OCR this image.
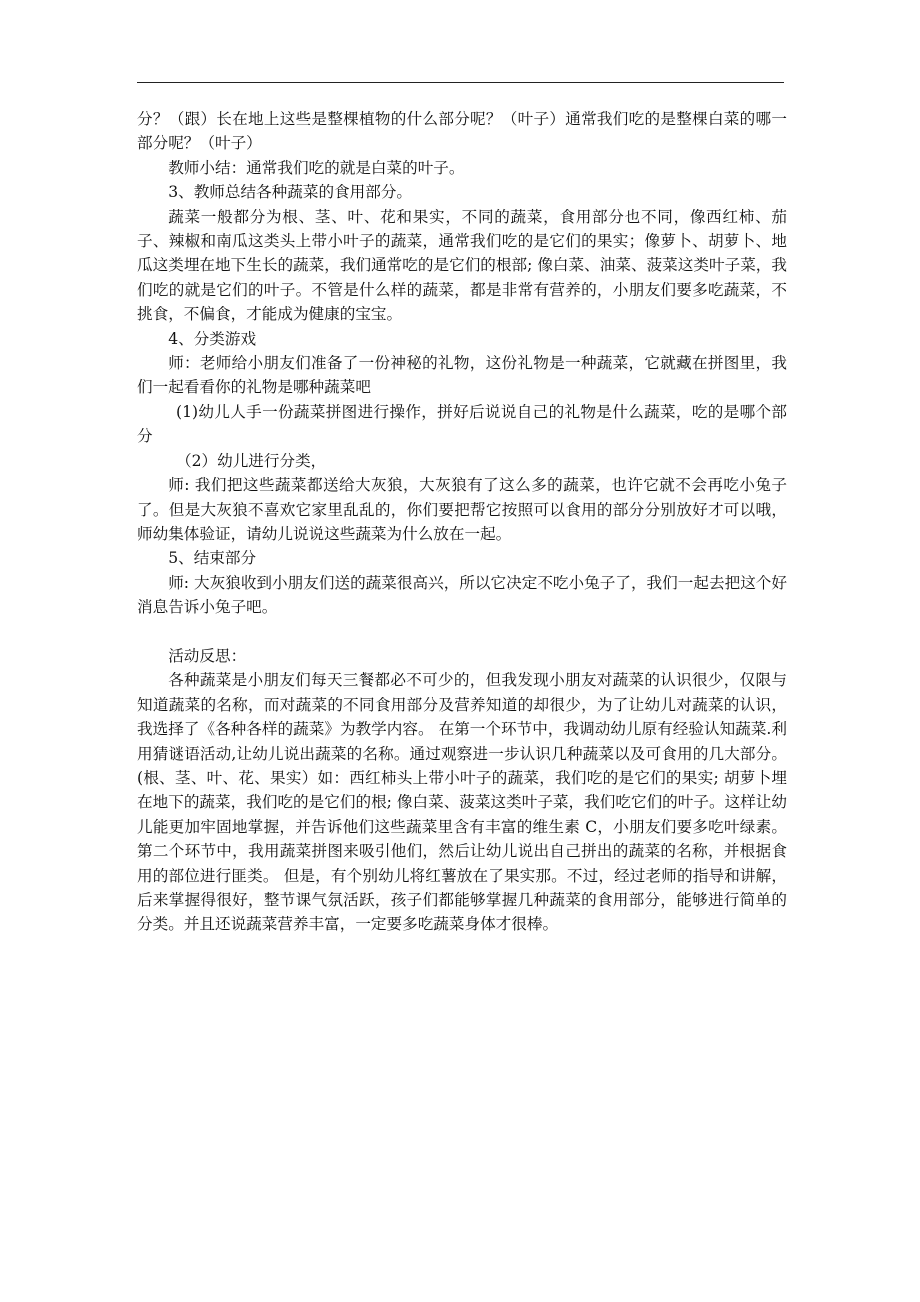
分？（跟）长在地上这些是整棵植物的什么部分呢？（叶子）通常我们吃的是整棵白菜的哪一部分呢？（叶子）

教师小结：通常我们吃的就是白菜的叶子。

3、教师总结各种蔬菜的食用部分。

蔬菜一般都分为根、茎、叶、花和果实，不同的蔬菜，食用部分也不同，像西红柿、茄子、辣椒和南瓜这类头上带小叶子的蔬菜，通常我们吃的是它们的果实；像萝卜、胡萝卜、地瓜这类埋在地下生长的蔬菜，我们通常吃的是它们的根部; 像白菜、油菜、菠菜这类叶子菜，我们吃的就是它们的叶子。不管是什么样的蔬菜，都是非常有营养的，小朋友们要多吃蔬菜，不挑食，不偏食，才能成为健康的宝宝。

4、分类游戏

师：老师给小朋友们准备了一份神秘的礼物，这份礼物是一种蔬菜，它就藏在拼图里，我们一起看看你的礼物是哪种蔬菜吧

(1)幼儿人手一份蔬菜拼图进行操作，拼好后说说自己的礼物是什么蔬菜，吃的是哪个部分

（2）幼儿进行分类，

师: 我们把这些蔬菜都送给大灰狼，大灰狼有了这么多的蔬菜，也许它就不会再吃小兔子了。但是大灰狼不喜欢它家里乱乱的，你们要把帮它按照可以食用的部分分别放好才可以哦，师幼集体验证，请幼儿说说这些蔬菜为什么放在一起。

5、结束部分

师: 大灰狼收到小朋友们送的蔬菜很高兴，所以它决定不吃小兔子了，我们一起去把这个好消息告诉小兔子吧。

活动反思：

各种蔬菜是小朋友们每天三餐都必不可少的，但我发现小朋友对蔬菜的认识很少，仅限与知道蔬菜的名称，而对蔬菜的不同食用部分及营养知道的却很少，为了让幼儿对蔬菜的认识，我选择了《各种各样的蔬菜》为教学内容。 在第一个环节中，我调动幼儿原有经验认知蔬菜.利用猜谜语活动,让幼儿说出蔬菜的名称。通过观察进一步认识几种蔬菜以及可食用的几大部分。(根、茎、叶、花、果实）如：西红柿头上带小叶子的蔬菜，我们吃的是它们的果实; 胡萝卜埋在地下的蔬菜，我们吃的是它们的根; 像白菜、菠菜这类叶子菜，我们吃它们的叶子。这样让幼儿能更加牢固地掌握，并告诉他们这些蔬菜里含有丰富的维生素 C，小朋友们要多吃叶绿素。 第二个环节中，我用蔬菜拼图来吸引他们，然后让幼儿说出自己拼出的蔬菜的名称，并根据食用的部位进行匪类。 但是，有个别幼儿将红薯放在了果实那。不过，经过老师的指导和讲解，后来掌握得很好，整节课气氛活跃，孩子们都能够掌握几种蔬菜的食用部分，能够进行简单的分类。并且还说蔬菜营养丰富，一定要多吃蔬菜身体才很棒。
